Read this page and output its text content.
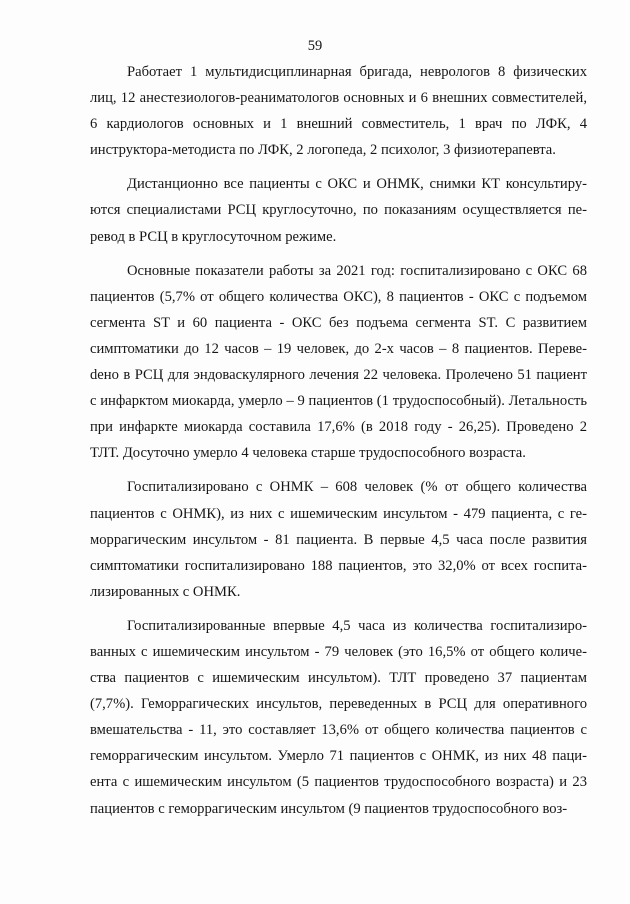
59

Работает 1 мультидисциплинарная бригада, неврологов 8 физических лиц, 12 анестезиологов-реаниматологов основных и 6 внешних совместителей, 6 кардиологов основных и 1 внешний совместитель, 1 врач по ЛФК, 4 инструктора-методиста по ЛФК, 2 логопеда, 2 психолог, 3 физиотерапевта.

Дистанционно все пациенты с ОКС и ОНМК, снимки КТ консультируются специалистами РСЦ круглосуточно, по показаниям осуществляется перевод в РСЦ в круглосуточном режиме.

Основные показатели работы за 2021 год: госпитализировано с ОКС 68 пациентов (5,7% от общего количества ОКС), 8 пациентов - ОКС с подъемом сегмента ST и 60 пациента - ОКС без подъема сегмента ST. С развитием симптоматики до 12 часов – 19 человек, до 2-х часов – 8 пациентов. Перевеdено в РСЦ для эндоваскулярного лечения 22 человека. Пролечено 51 пациент с инфарктом миокарда, умерло – 9 пациентов (1 трудоспособный). Летальность при инфаркте миокарда составила 17,6% (в 2018 году - 26,25). Проведено 2 ТЛТ. Досуточно умерло 4 человека старше трудоспособного возраста.

Госпитализировано с ОНМК – 608 человек (% от общего количества пациентов с ОНМК), из них с ишемическим инсультом - 479 пациента, с геморрагическим инсультом - 81 пациента. В первые 4,5 часа после развития симптоматики госпитализировано 188 пациентов, это 32,0% от всех госпитализированных с ОНМК.

Госпитализированные впервые 4,5 часа из количества госпитализированных с ишемическим инсультом - 79 человек (это 16,5% от общего количества пациентов с ишемическим инсультом). ТЛТ проведено 37 пациентам (7,7%). Геморрагических инсультов, переведенных в РСЦ для оперативного вмешательства - 11, это составляет 13,6% от общего количества пациентов с геморрагическим инсультом. Умерло 71 пациентов с ОНМК, из них 48 пациента с ишемическим инсультом (5 пациентов трудоспособного возраста) и 23 пациентов с геморрагическим инсультом (9 пациентов трудоспособного воз-
